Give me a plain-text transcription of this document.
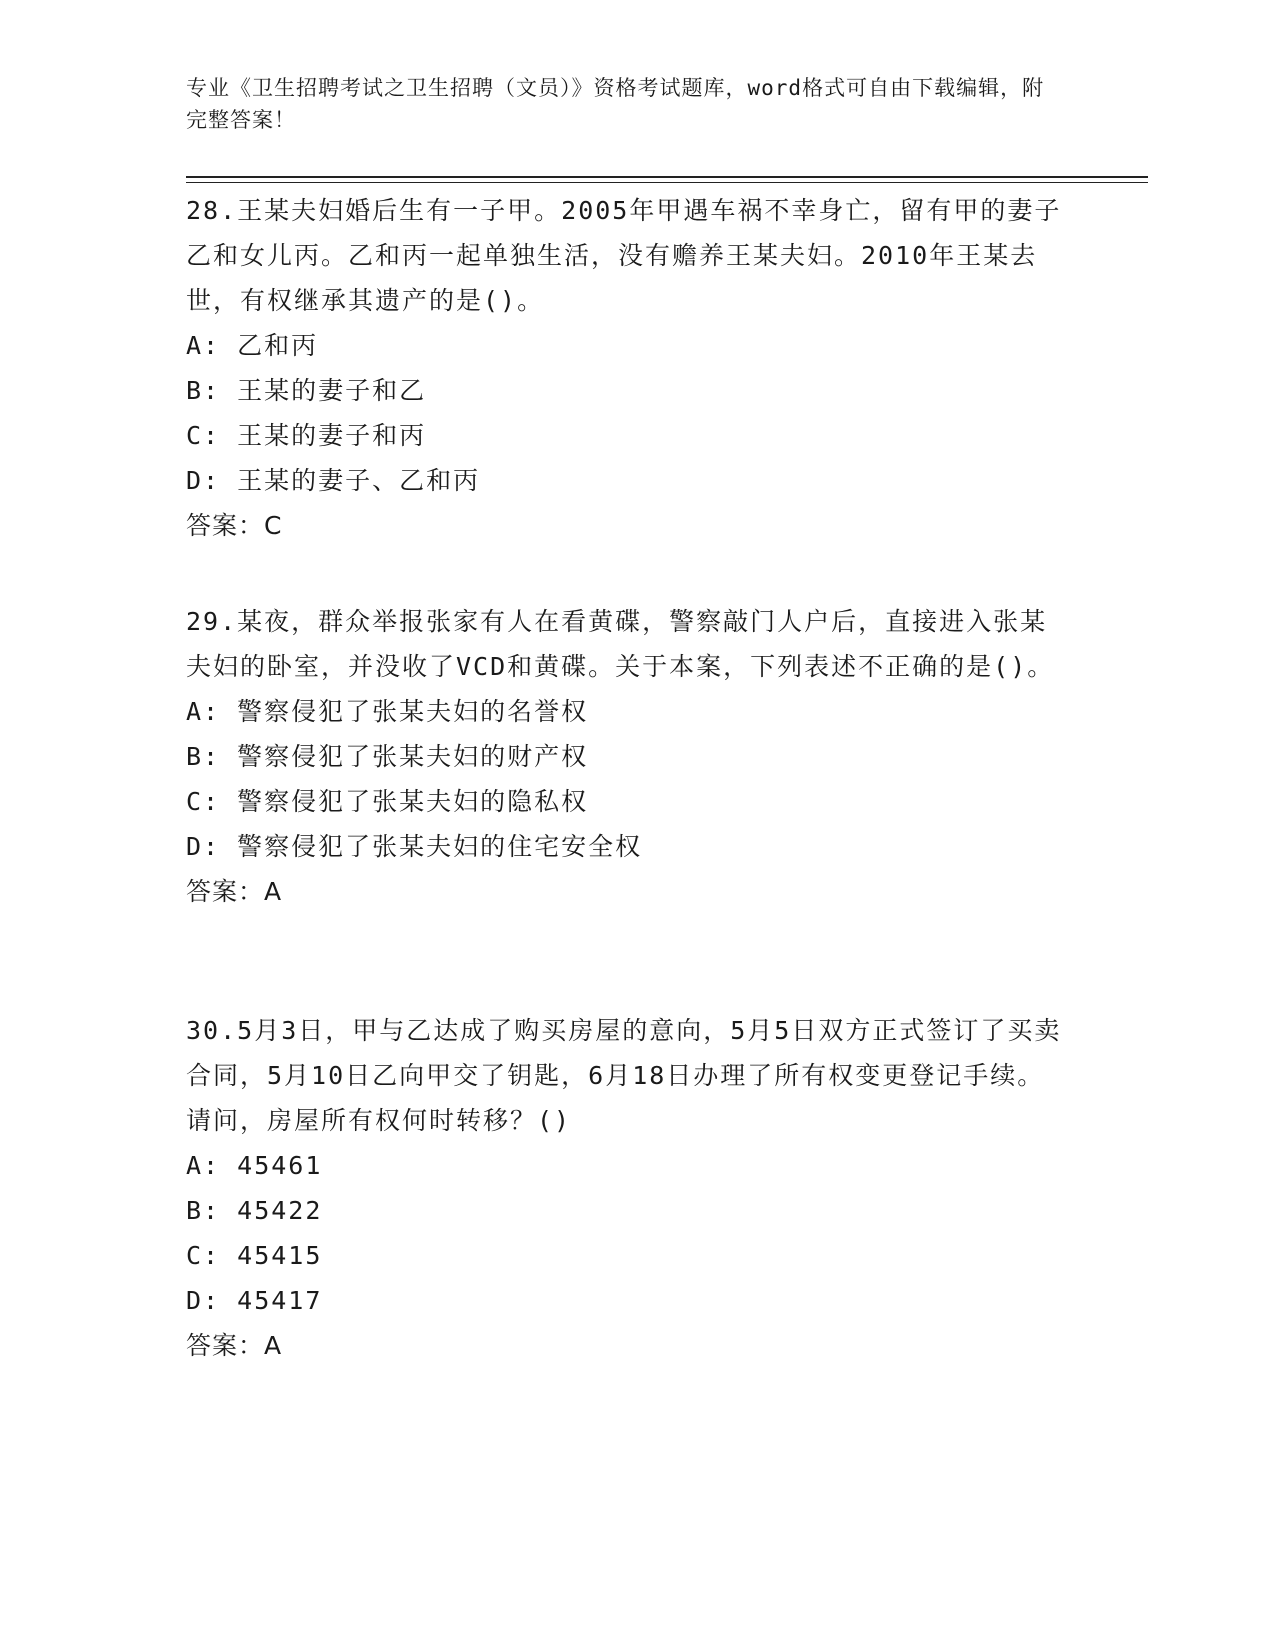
专业《卫生招聘考试之卫生招聘（文员）》资格考试题库，word格式可自由下载编辑，附完整答案！
28.王某夫妇婚后生有一子甲。2005年甲遇车祸不幸身亡，留有甲的妻子乙和女儿丙。乙和丙一起单独生活，没有赡养王某夫妇。2010年王某去世，有权继承其遗产的是()。
A: 乙和丙
B: 王某的妻子和乙
C: 王某的妻子和丙
D: 王某的妻子、乙和丙
答案：C
29.某夜，群众举报张家有人在看黄碟，警察敲门人户后，直接进入张某夫妇的卧室，并没收了VCD和黄碟。关于本案，下列表述不正确的是()。
A: 警察侵犯了张某夫妇的名誉权
B: 警察侵犯了张某夫妇的财产权
C: 警察侵犯了张某夫妇的隐私权
D: 警察侵犯了张某夫妇的住宅安全权
答案：A
30.5月3日，甲与乙达成了购买房屋的意向，5月5日双方正式签订了买卖合同，5月10日乙向甲交了钥匙，6月18日办理了所有权变更登记手续。请问，房屋所有权何时转移？()
A: 45461
B: 45422
C: 45415
D: 45417
答案：A
